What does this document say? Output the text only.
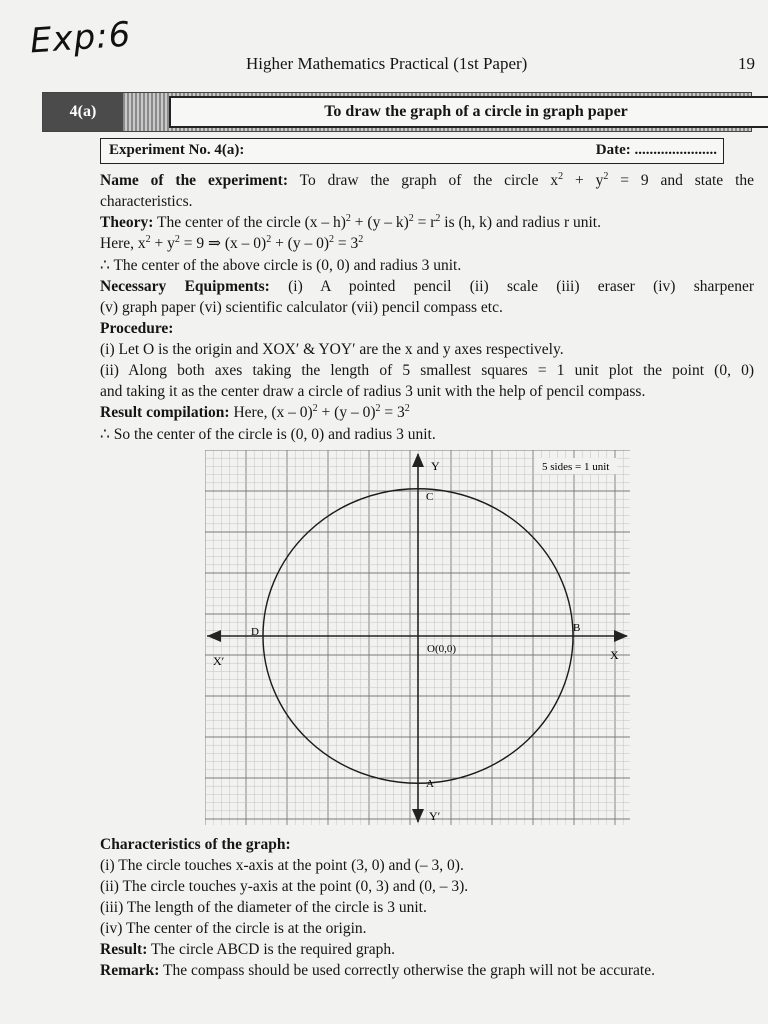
Exp:6
Higher Mathematics Practical (1st Paper)	19
4(a)	To draw the graph of a circle in graph paper
Experiment No. 4(a):	Date: ......................
Name of the experiment: To draw the graph of the circle $x^2 + y^2 = 9$ and state the
characteristics.
Theory: The center of the circle $(x - h)^2 + (y - k)^2 = r^2$ is (h, k) and radius r unit.
Here, $x^2 + y^2 = 9$ ⇒ $(x - 0)^2 + (y - 0)^2 = 3^2$
∴ The center of the above circle is (0, 0) and radius 3 unit.
Necessary Equipments: (i) A pointed pencil (ii) scale (iii) eraser (iv) sharpener
(v) graph paper (vi) scientific calculator (vii) pencil compass etc.
Procedure:
(i) Let O is the origin and XOX′ & YOY′ are the x and y axes respectively.
(ii) Along both axes taking the length of 5 smallest squares = 1 unit plot the point (0, 0)
and taking it as the center draw a circle of radius 3 unit with the help of pencil compass.
Result compilation: Here, $(x - 0)^2 + (y - 0)^2 = 3^2$
∴ So the center of the circle is (0, 0) and radius 3 unit.
5 sides = 1 unit
Y
Y′
X
X′
O(0,0)
A
B
C
D
Characteristics of the graph:
(i) The circle touches x-axis at the point (3, 0) and (– 3, 0).
(ii) The circle touches y-axis at the point (0, 3) and (0, – 3).
(iii) The length of the diameter of the circle is 3 unit.
(iv) The center of the circle is at the origin.
Result: The circle ABCD is the required graph.
Remark: The compass should be used correctly otherwise the graph will not be accurate.
